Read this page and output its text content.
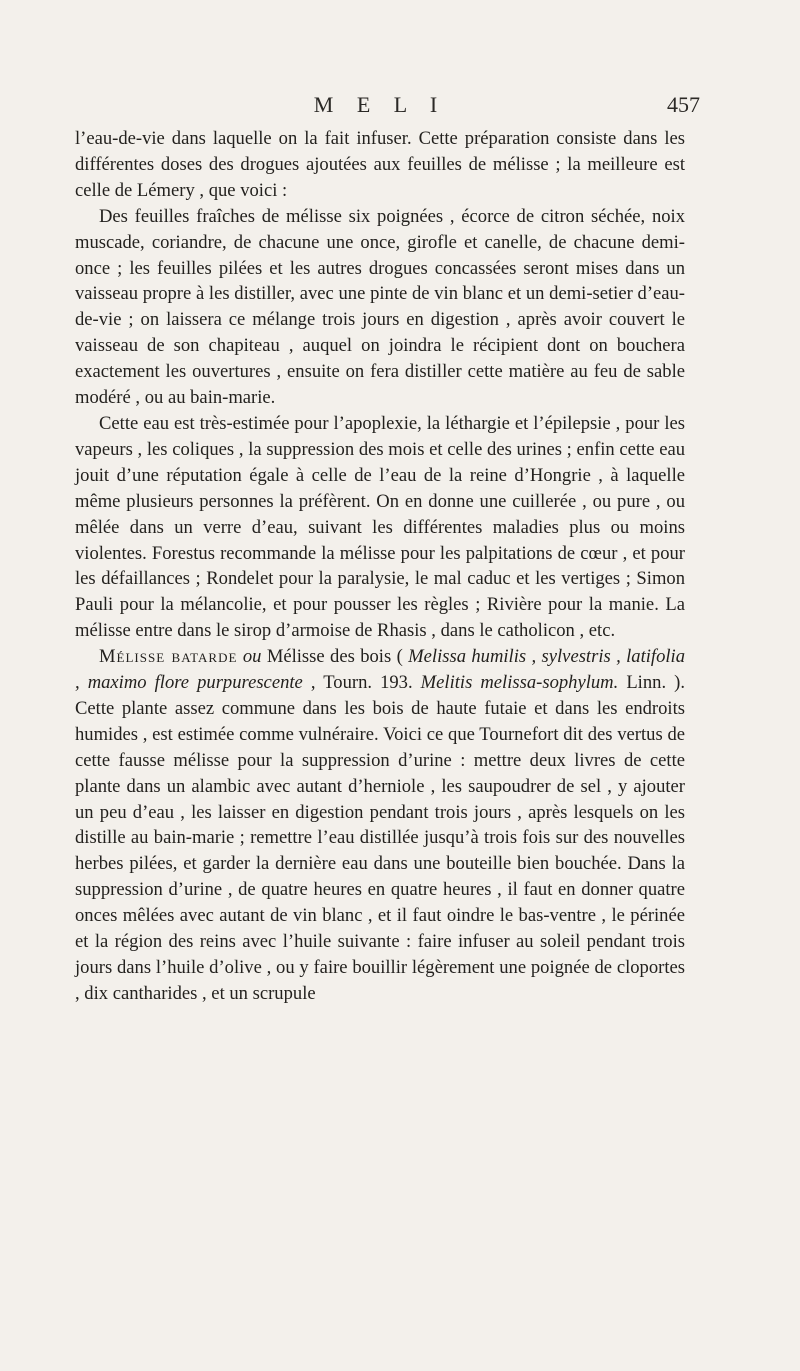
M E L I	457

l’eau-de-vie dans laquelle on la fait infuser. Cette préparation consiste dans les différentes doses des drogues ajoutées aux feuilles de mélisse ; la meilleure est celle de Lémery , que voici :

Des feuilles fraîches de mélisse six poignées , écorce de citron séchée, noix muscade, coriandre, de chacune une once, girofle et canelle, de chacune demi-once ; les feuilles pilées et les autres drogues concassées seront mises dans un vaisseau propre à les distiller, avec une pinte de vin blanc et un demi-setier d’eau-de-vie ; on laissera ce mélange trois jours en digestion , après avoir couvert le vaisseau de son chapiteau , auquel on joindra le récipient dont on bouchera exactement les ouvertures , ensuite on fera distiller cette matière au feu de sable modéré , ou au bain-marie.

Cette eau est très-estimée pour l’apoplexie, la léthargie et l’épilepsie , pour les vapeurs , les coliques , la suppression des mois et celle des urines ; enfin cette eau jouit d’une réputation égale à celle de l’eau de la reine d’Hongrie , à laquelle même plusieurs personnes la préfèrent. On en donne une cuillerée , ou pure , ou mêlée dans un verre d’eau, suivant les différentes maladies plus ou moins violentes. Forestus recommande la mélisse pour les palpitations de cœur , et pour les défaillances ; Rondelet pour la paralysie, le mal caduc et les vertiges ; Simon Pauli pour la mélancolie, et pour pousser les règles ; Rivière pour la manie. La mélisse entre dans le sirop d’armoise de Rhasis , dans le catholicon , etc.

Mélisse batarde ou Mélisse des bois ( Melissa humilis , sylvestris , latifolia , maximo flore purpurescente , Tourn. 193. Melitis melissa-sophylum. Linn. ). Cette plante assez commune dans les bois de haute futaie et dans les endroits humides , est estimée comme vulnéraire. Voici ce que Tournefort dit des vertus de cette fausse mélisse pour la suppression d’urine : mettre deux livres de cette plante dans un alambic avec autant d’herniole , les saupoudrer de sel , y ajouter un peu d’eau , les laisser en digestion pendant trois jours , après lesquels on les distille au bain-marie ; remettre l’eau distillée jusqu’à trois fois sur des nouvelles herbes pilées, et garder la dernière eau dans une bouteille bien bouchée. Dans la suppression d’urine , de quatre heures en quatre heures , il faut en donner quatre onces mêlées avec autant de vin blanc , et il faut oindre le bas-ventre , le périnée et la région des reins avec l’huile suivante : faire infuser au soleil pendant trois jours dans l’huile d’olive , ou y faire bouillir légèrement une poignée de cloportes , dix cantharides , et un scrupule
